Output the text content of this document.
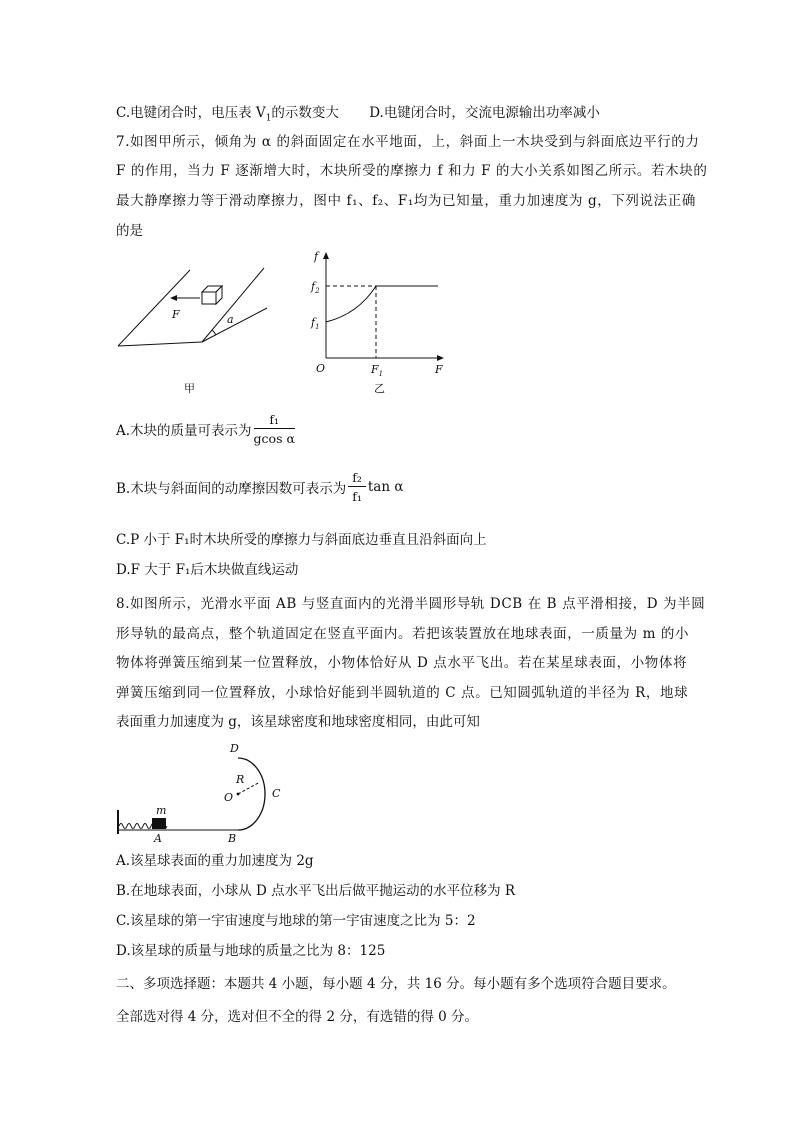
C.电键闭合时，电压表 $V_1$的示数变大 D.电键闭合时，交流电源输出功率减小
7.如图甲所示，倾角为 α 的斜面固定在水平地面，上，斜面上一木块受到与斜面底边平行的力
F 的作用，当力 F 逐渐增大时，木块所受的摩擦力 f 和力 F 的大小关系如图乙所示。若木块的
最大静摩擦力等于滑动摩擦力，图中 f₁、f₂、F₁均为已知量，重力加速度为 g，下列说法正确
的是
F	a
甲
f
$f_2$
$f_1$
O	$F_1$	F
乙
A.木块的质量可表示为 $\frac{\text{f₁}}{\text{gcos α}}$
B.木块与斜面间的动摩擦因数可表示为 $\frac{\text{f₂}}{\text{f₁}}$ tan α
C.P 小于 F₁时木块所受的摩擦力与斜面底边垂直且沿斜面向上
D.F 大于 F₁后木块做直线运动
8.如图所示，光滑水平面 AB 与竖直面内的光滑半圆形导轨 DCB 在 B 点平滑相接，D 为半圆
形导轨的最高点，整个轨道固定在竖直平面内。若把该装置放在地球表面，一质量为 m 的小
物体将弹簧压缩到某一位置释放，小物体恰好从 D 点水平飞出。若在某星球表面，小物体将
弹簧压缩到同一位置释放，小球恰好能到半圆轨道的 C 点。已知圆弧轨道的半径为 R，地球
表面重力加速度为 g，该星球密度和地球密度相同，由此可知
D
R
O	C
m
A	B
A.该星球表面的重力加速度为 2g
B.在地球表面，小球从 D 点水平飞出后做平抛运动的水平位移为 R
C.该星球的第一宇宙速度与地球的第一宇宙速度之比为 5：2
D.该星球的质量与地球的质量之比为 8：125
二、多项选择题：本题共 4 小题，每小题 4 分，共 16 分。每小题有多个选项符合题目要求。
全部选对得 4 分，选对但不全的得 2 分，有选错的得 0 分。
